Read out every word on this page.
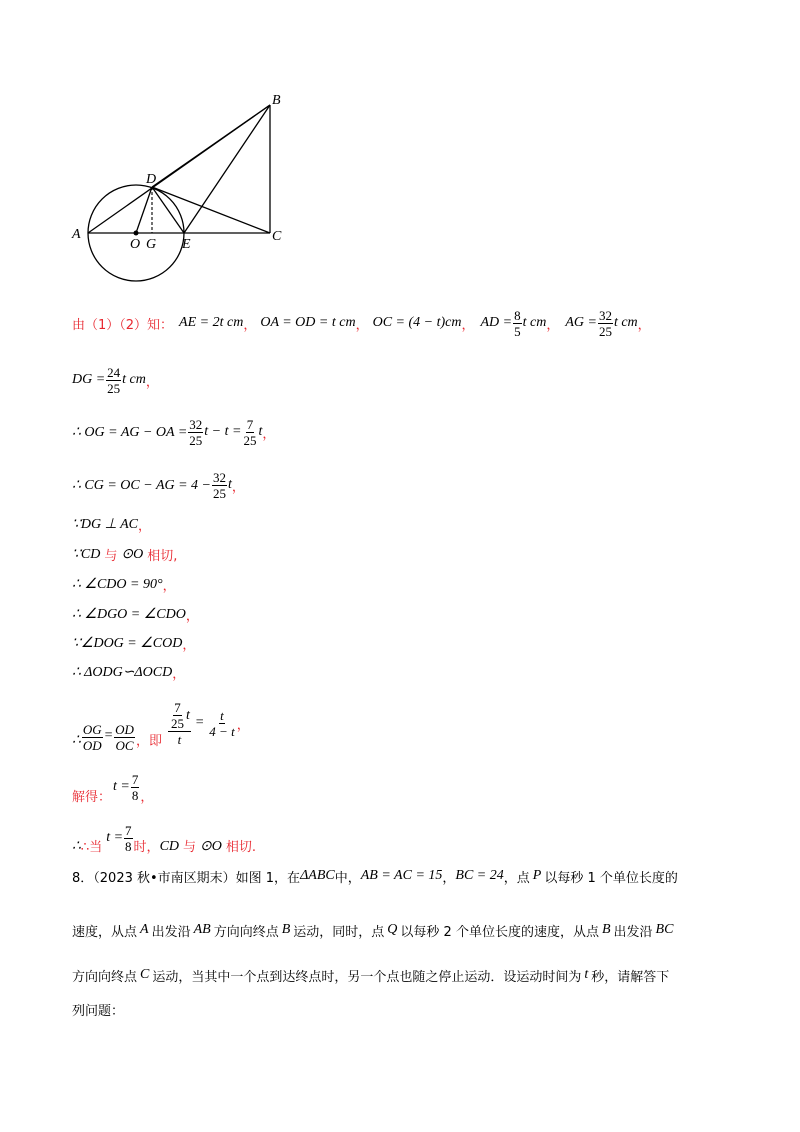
B
D
A
O G E
C
由（1）（2）知： AE = 2t cm ， OA = OD = t cm ， OC = (4 − t)cm ， AD = $\frac{8}{5}$ t cm ， AG = $\frac{32}{25}$ t cm ，
DG = $\frac{24}{25}$ t cm ，
∴ OG = AG − OA = $\frac{32}{25}$ $t - t = \frac{7}{25}$ t ，
∴ CG = OC − AG = $4 - \frac{32}{25}$ t ，
∵DG ⊥ AC ，
∵CD 与 ⊙O 相切,
∴ ∠CDO = 90° ，
∴ ∠DGO = ∠CDO ，
∵∠DOG = ∠COD ，
∴ ΔODG∽ΔOCD ，
∴ $\frac{OG}{OD} = \frac{OD}{OC}$ ，即 $\frac{\frac{7}{25} t}{t} = \frac{t}{4 - t}$ ，
解得：
$t = \frac{7}{8}$ ，
∴ ∴当
$t = \frac{7}{8}$ 时， CD 与 ⊙O 相切.
8．（2023 秋•市南区期末）如图 1，在 ΔABC 中， AB = AC = 15 ， BC = 24 ，点 P 以每秒 1 个单位长度的
速度，从点 A 出发沿 AB 方向向终点 B 运动，同时，点 Q 以每秒 2 个单位长度的速度，从点 B 出发沿 BC
方向向终点 C 运动，当其中一个点到达终点时，另一个点也随之停止运动．设运动时间为 t 秒，请解答下
列问题：
